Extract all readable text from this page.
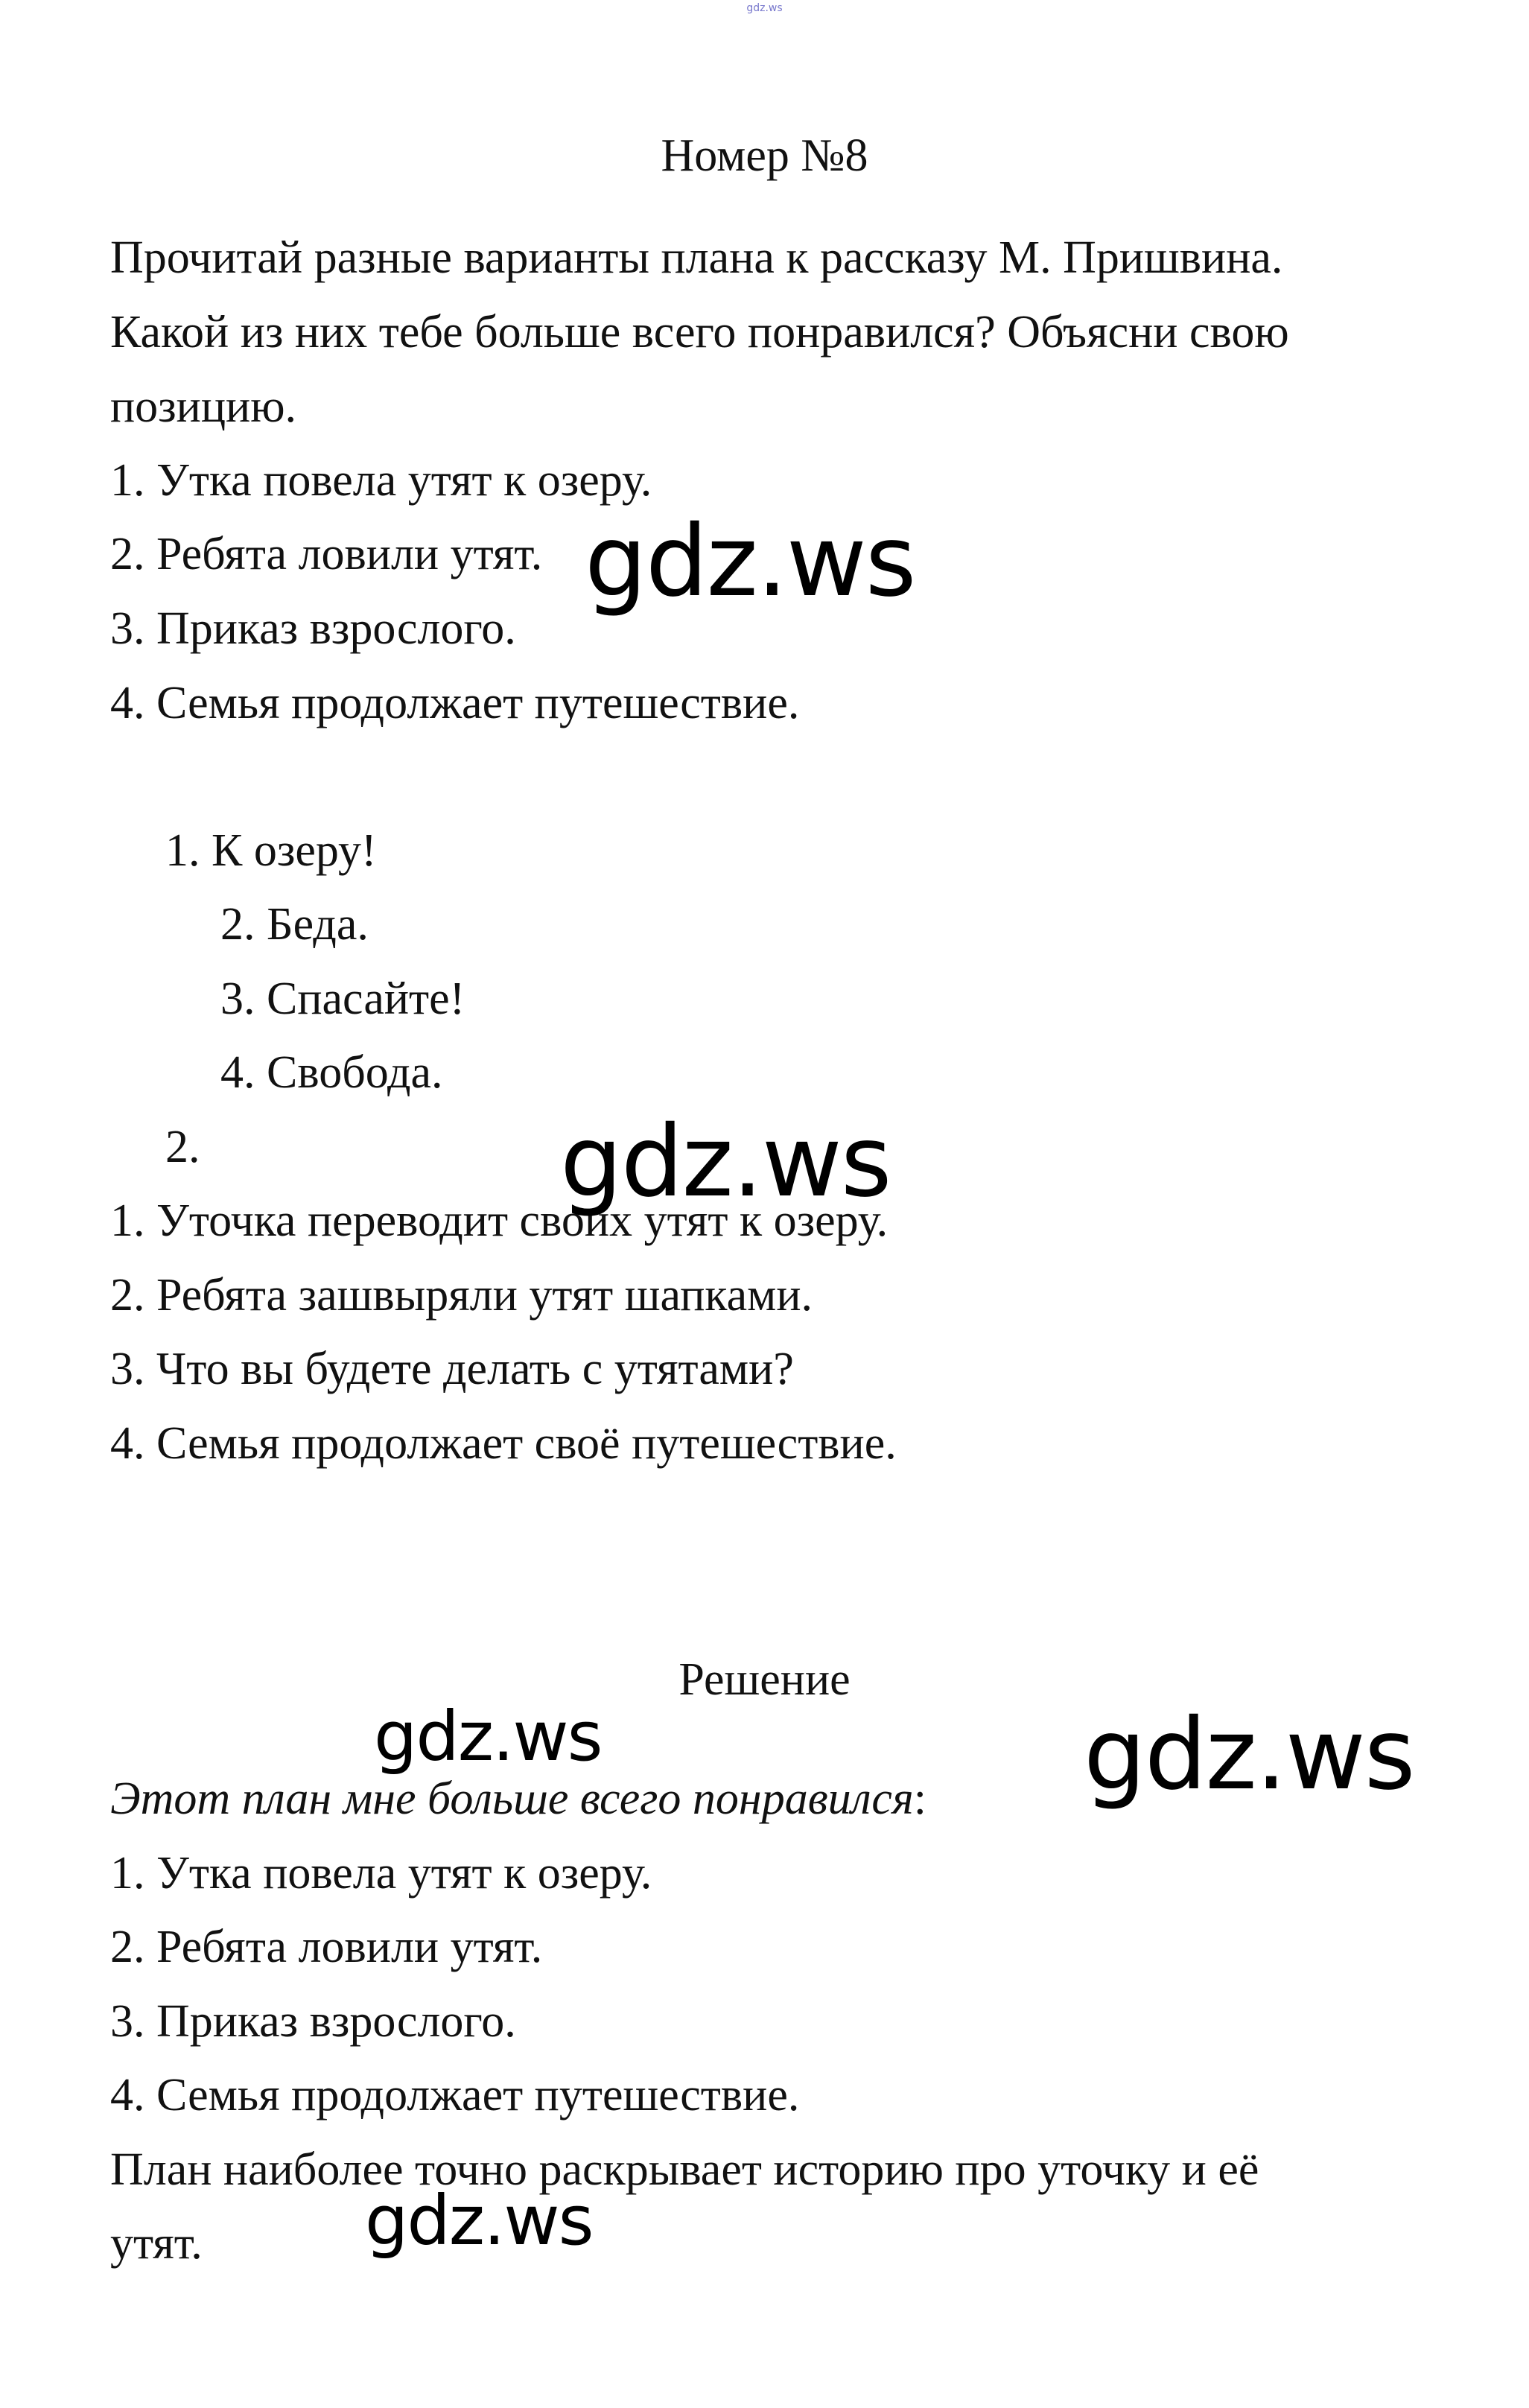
gdz.ws
Номер №8
Прочитай разные варианты плана к рассказу М. Пришвина.
Какой из них тебе больше всего понравился? Объясни свою
позицию.
1. Утка повела утят к озеру.
2. Ребята ловили утят.
3. Приказ взрослого.
4. Семья продолжает путешествие.
1. К озеру!
2. Беда.
3. Спасайте!
4. Свобода.
2.
1. Уточка переводит своих утят к озеру.
2. Ребята зашвыряли утят шапками.
3. Что вы будете делать с утятами?
4. Семья продолжает своё путешествие.
Решение
Этот план мне больше всего понравился:
1. Утка повела утят к озеру.
2. Ребята ловили утят.
3. Приказ взрослого.
4. Семья продолжает путешествие.
План наиболее точно раскрывает историю про уточку и её
утят.
gdz.ws
gdz.ws
gdz.ws	gdz.ws
gdz.ws
